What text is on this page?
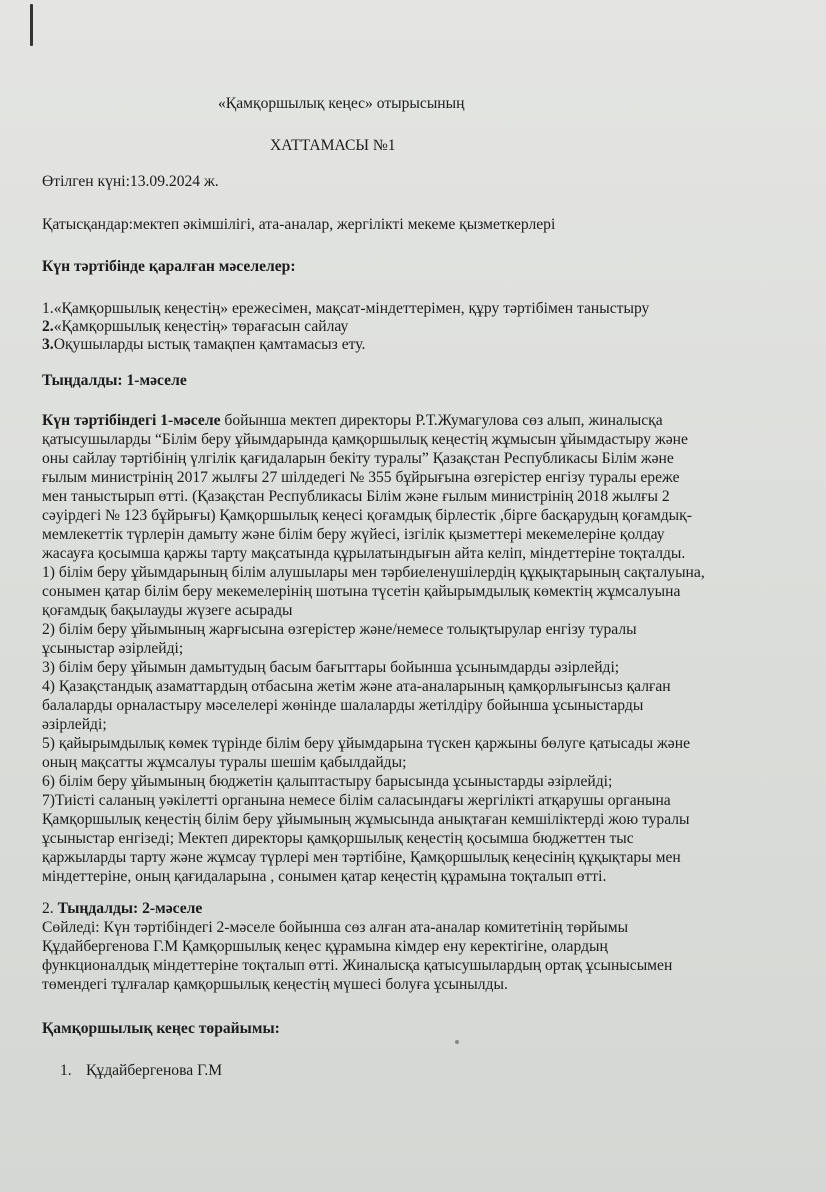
«Қамқоршылық кеңес» отырысының
ХАТТАМАСЫ №1
Өтілген күні:13.09.2024 ж.
Қатысқандар:мектеп әкімшілігі, ата-аналар, жергілікті мекеме қызметкерлері
Күн тәртібінде қаралған мәселелер:
1.«Қамқоршылық кеңестің» ережесімен, мақсат-міндеттерімен, құру тәртібімен таныстыру
2.«Қамқоршылық кеңестің» төрағасын сайлау
3.Оқушыларды ыстық тамақпен қамтамасыз ету.
Тыңдалды: 1-мәселе
Күн тәртібіндегі 1-мәселе бойынша мектеп директоры Р.Т.Жумагулова сөз алып, жиналысқа
қатысушыларды “Білім беру ұйымдарында қамқоршылық кеңестің жұмысын ұйымдастыру және
оны сайлау тәртібінің үлгілік қағидаларын бекіту туралы” Қазақстан Республикасы Білім және
ғылым министрінің 2017 жылғы 27 шілдедегі № 355 бұйрығына өзгерістер енгізу туралы ереже
мен таныстырып өтті. (Қазақстан Республикасы Білім және ғылым министрінің 2018 жылғы 2
сәуірдегі № 123 бұйрығы) Қамқоршылық кеңесі қоғамдық бірлестік ,бірге басқарудың қоғамдық-
мемлекеттік түрлерін дамыту және білім беру жүйесі, ізгілік қызметтері мекемелеріне қолдау
жасауға қосымша қаржы тарту мақсатында құрылатындығын айта келіп, міндеттеріне тоқталды.
1) білім беру ұйымдарының білім алушылары мен тәрбиеленушілердің құқықтарының сақталуына,
сонымен қатар білім беру мекемелерінің шотына түсетін қайырымдылық көмектің жұмсалуына
қоғамдық бақылауды жүзеге асырады
2) білім беру ұйымының жарғысына өзгерістер және/немесе толықтырулар енгізу туралы
ұсыныстар әзірлейді;
3) білім беру ұйымын дамытудың басым бағыттары бойынша ұсынымдарды әзірлейді;
4) Қазақстандық азаматтардың отбасына жетім және ата-аналарының қамқорлығынсыз қалған
балаларды орналастыру мәселелері жөнінде шалаларды жетілдіру бойынша ұсыныстарды
әзірлейді;
5) қайырымдылық көмек түрінде білім беру ұйымдарына түскен қаржыны бөлуге қатысады және
оның мақсатты жұмсалуы туралы шешім қабылдайды;
6) білім беру ұйымының бюджетін қалыптастыру барысында ұсыныстарды әзірлейді;
7)Тиісті саланың уәкілетті органына немесе білім саласындағы жергілікті атқарушы органына
Қамқоршылық кеңестің білім беру ұйымының жұмысында анықтаған кемшіліктерді жою туралы
ұсыныстар енгізеді; Мектеп директоры қамқоршылық кеңестің қосымша бюджеттен тыс
қаржыларды тарту және жұмсау түрлері мен тәртібіне, Қамқоршылық кеңесінің құқықтары мен
міндеттеріне, оның қағидаларына , сонымен қатар кеңестің құрамына тоқталып өтті.
2. Тыңдалды: 2-мәселе
Сөйледі: Күн тәртібіндегі 2-мәселе бойынша сөз алған ата-аналар комитетінің төрйымы
Құдайбергенова Г.М Қамқоршылық кеңес құрамына кімдер ену керектігіне, олардың
функционалдық міндеттеріне тоқталып өтті. Жиналысқа қатысушылардың ортақ ұсынысымен
төмендегі тұлғалар қамқоршылық кеңестің мүшесі болуға ұсынылды.
Қамқоршылық кеңес төрайымы:
1. Құдайбергенова Г.М
